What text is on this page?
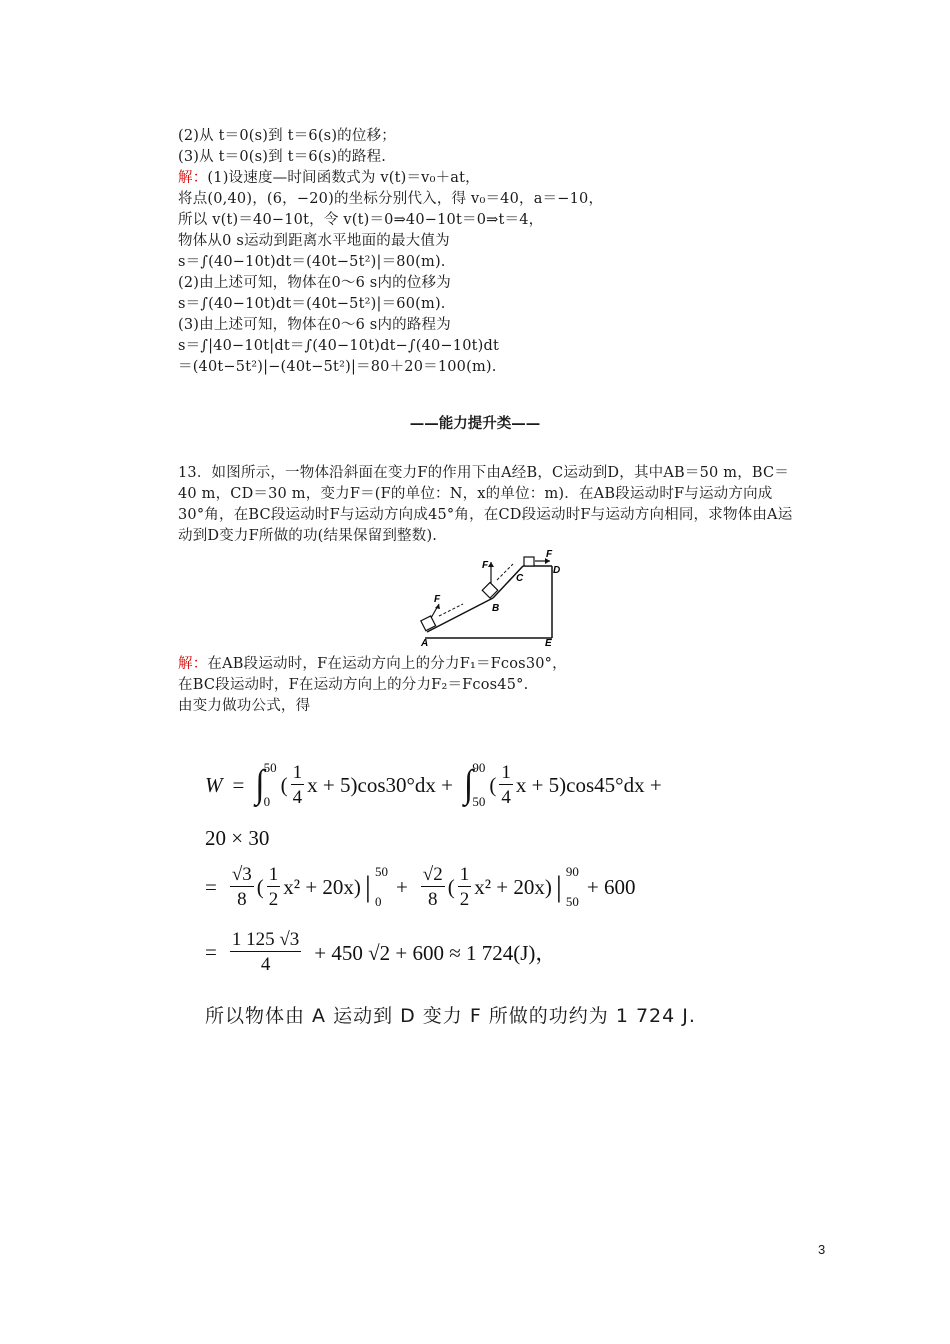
(2)从 t＝0(s)到 t＝6(s)的位移；
(3)从 t＝0(s)到 t＝6(s)的路程.
解：(1)设速度—时间函数式为 v(t)＝v₀＋at，
将点(0,40)，(6，−20)的坐标分别代入，得 v₀＝40，a＝−10，
所以 v(t)＝40−10t，令 v(t)＝0⇒40−10t＝0⇒t＝4，
物体从0 s运动到距离水平地面的最大值为
s＝∫(40−10t)dt＝(40t−5t²)|＝80(m).
(2)由上述可知，物体在0～6 s内的位移为
s＝∫(40−10t)dt＝(40t−5t²)|＝60(m).
(3)由上述可知，物体在0～6 s内的路程为
s＝∫|40−10t|dt＝∫(40−10t)dt−∫(40−10t)dt
＝(40t−5t²)|−(40t−5t²)|＝80＋20＝100(m).
——能力提升类——
13．如图所示，一物体沿斜面在变力F的作用下由A经B，C运动到D，其中AB＝50 m，BC＝40 m，CD＝30 m，变力F＝(F的单位：N，x的单位：m)．在AB段运动时F与运动方向成30°角，在BC段运动时F与运动方向成45°角，在CD段运动时F与运动方向相同，求物体由A运动到D变力F所做的功(结果保留到整数).
A
B
C
D
E
F
F
F
解：在AB段运动时，F在运动方向上的分力F₁＝Fcos30°，
在BC段运动时，F在运动方向上的分力F₂＝Fcos45°.
由变力做功公式，得
W = ∫ 50
0
( $\frac{1}{4}$ x + 5) cos30°dx + ∫ 90
50
( $\frac{1}{4}$ x + 5) cos45°dx +
20 × 30
= $\frac{√3}{8}$ ( $\frac{1}{2} x^2 + 20x$) | 50
0
+ $\frac{√2}{8}$ ( $\frac{1}{2} x^2 + 20x$) | 90
50
+ 600
= $\frac{1 125 √3}{4} + 450$ √2 + 600 ≈ 1 724(J)，
所以物体由 A 运动到 D 变力 F 所做的功约为 1 724 J.
3
